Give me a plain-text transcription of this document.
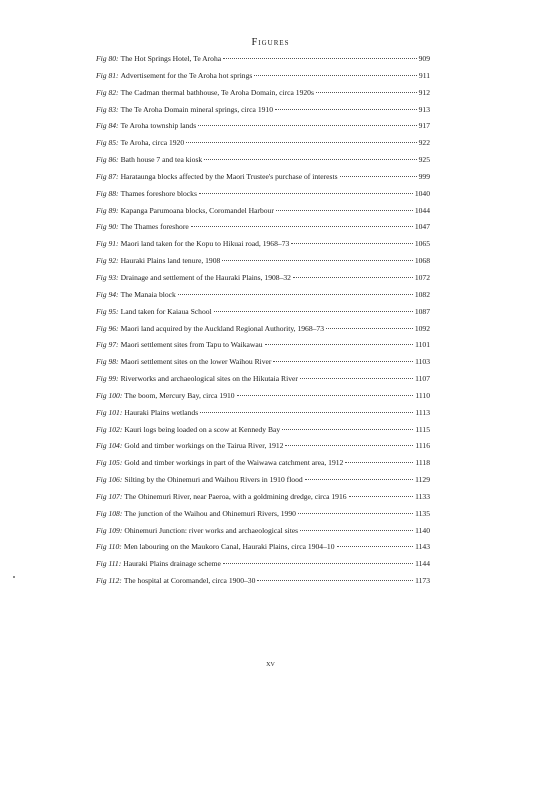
Figures
Fig 80: The Hot Springs Hotel, Te Aroha	909
Fig 81: Advertisement for the Te Aroha hot springs	911
Fig 82: The Cadman thermal bathhouse, Te Aroha Domain, circa 1920s	912
Fig 83: The Te Aroha Domain mineral springs, circa 1910	913
Fig 84: Te Aroha township lands	917
Fig 85: Te Aroha, circa 1920	922
Fig 86: Bath house 7 and tea kiosk	925
Fig 87: Harataunga blocks affected by the Maori Trustee's purchase of interests	999
Fig 88: Thames foreshore blocks	1040
Fig 89: Kapanga Parumoana blocks, Coromandel Harbour	1044
Fig 90: The Thames foreshore	1047
Fig 91: Maori land taken for the Kopu to Hikuai road, 1968–73	1065
Fig 92: Hauraki Plains land tenure, 1908	1068
Fig 93: Drainage and settlement of the Hauraki Plains, 1908–32	1072
Fig 94: The Manaia block	1082
Fig 95: Land taken for Kaiaua School	1087
Fig 96: Maori land acquired by the Auckland Regional Authority, 1968–73	1092
Fig 97: Maori settlement sites from Tapu to Waikawau	1101
Fig 98: Maori settlement sites on the lower Waihou River	1103
Fig 99: Riverworks and archaeological sites on the Hikutaia River	1107
Fig 100: The boom, Mercury Bay, circa 1910	1110
Fig 101: Hauraki Plains wetlands	1113
Fig 102: Kauri logs being loaded on a scow at Kennedy Bay	1115
Fig 104: Gold and timber workings on the Tairua River, 1912	1116
Fig 105: Gold and timber workings in part of the Waiwawa catchment area, 1912	1118
Fig 106: Silting by the Ohinemuri and Waihou Rivers in 1910 flood	1129
Fig 107: The Ohinemuri River, near Paeroa, with a goldmining dredge, circa 1916	1133
Fig 108: The junction of the Waihou and Ohinemuri Rivers, 1990	1135
Fig 109: Ohinemuri Junction: river works and archaeological sites	1140
Fig 110: Men labouring on the Maukoro Canal, Hauraki Plains, circa 1904–10	1143
Fig 111: Hauraki Plains drainage scheme	1144
Fig 112: The hospital at Coromandel, circa 1900–30	1173
xv
